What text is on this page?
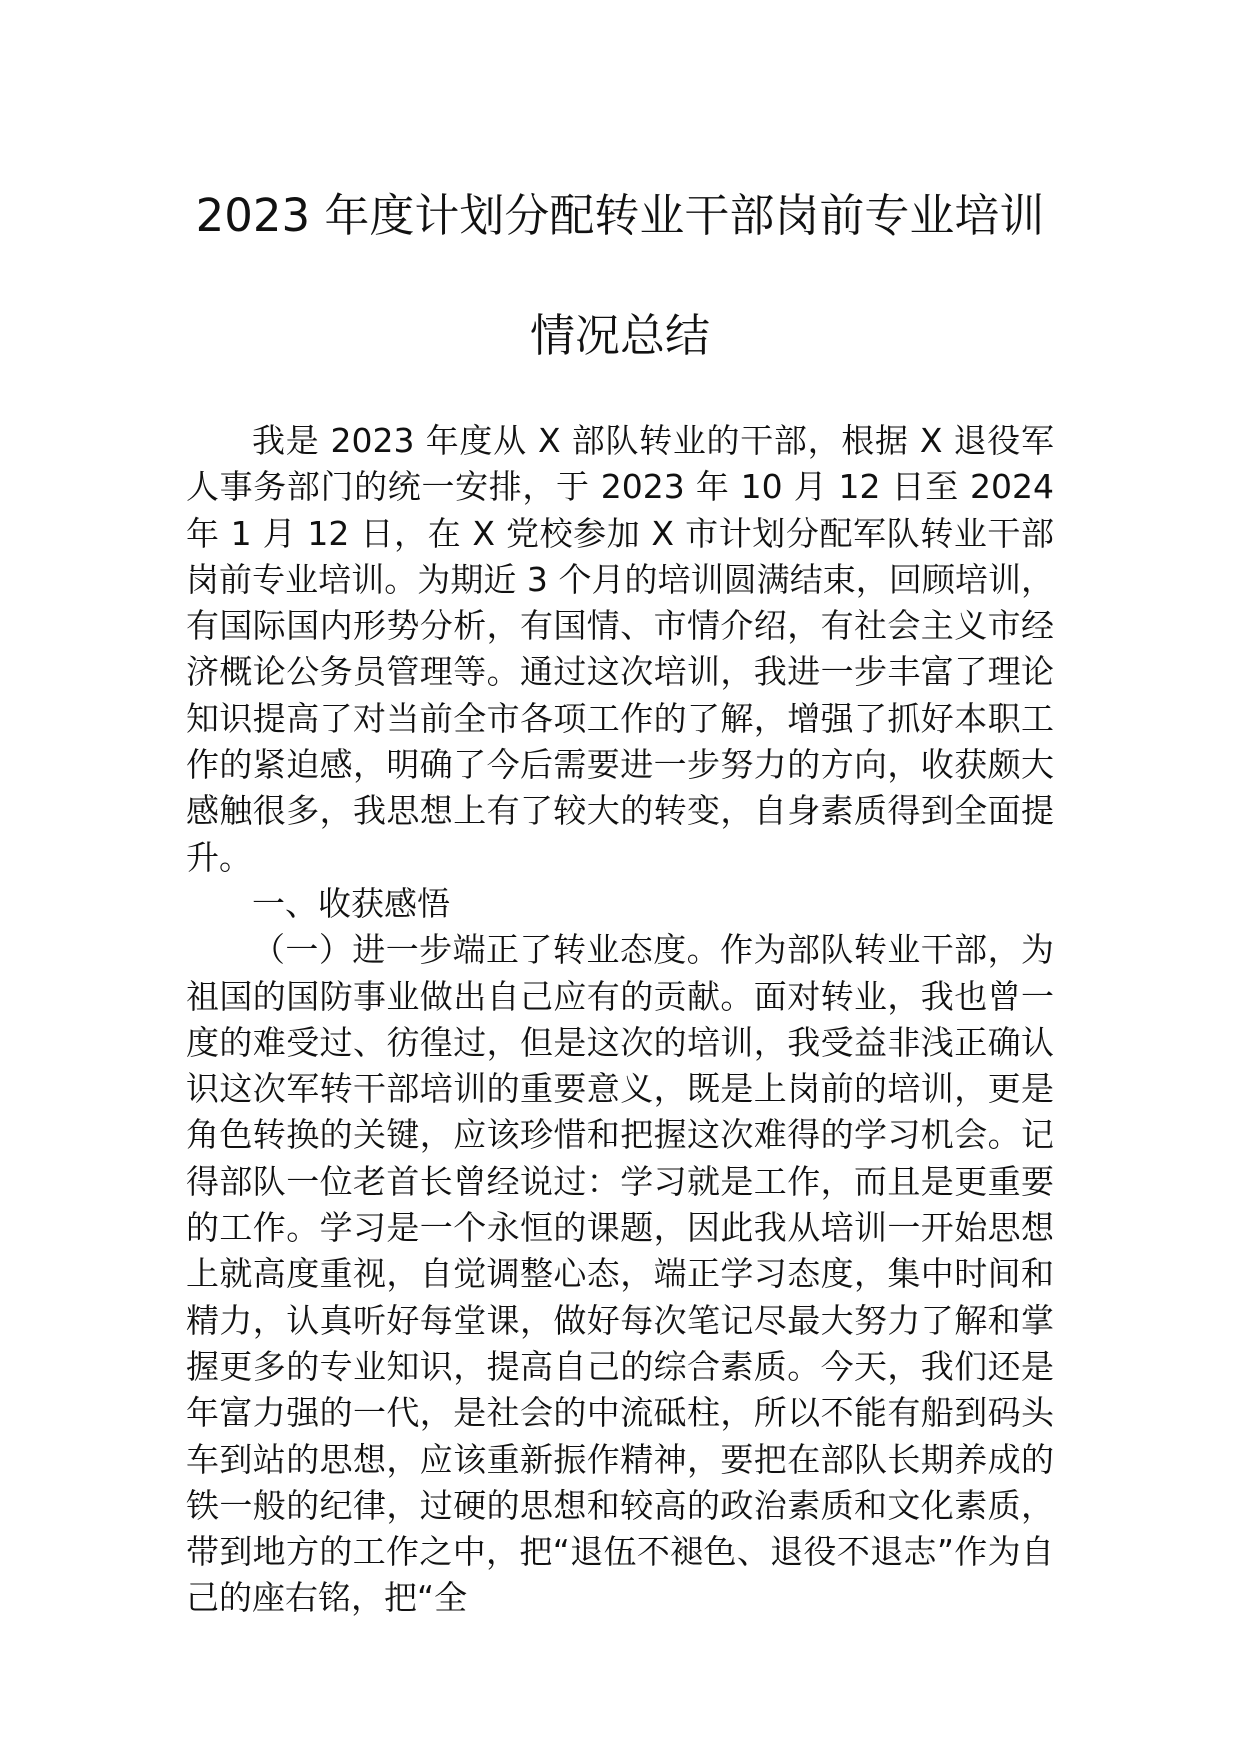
2023 年度计划分配转业干部岗前专业培训
情况总结

我是 2023 年度从 X 部队转业的干部，根据 X 退役军人事务部门的统一安排，于 2023 年 10 月 12 日至 2024 年 1 月 12 日，在 X 党校参加 X 市计划分配军队转业干部岗前专业培训。为期近 3 个月的培训圆满结束，回顾培训，有国际国内形势分析，有国情、市情介绍，有社会主义市经济概论公务员管理等。通过这次培训，我进一步丰富了理论知识提高了对当前全市各项工作的了解，增强了抓好本职工作的紧迫感，明确了今后需要进一步努力的方向，收获颇大感触很多，我思想上有了较大的转变，自身素质得到全面提升。

一、收获感悟

（一）进一步端正了转业态度。作为部队转业干部，为祖国的国防事业做出自己应有的贡献。面对转业，我也曾一度的难受过、彷徨过，但是这次的培训，我受益非浅正确认识这次军转干部培训的重要意义，既是上岗前的培训，更是角色转换的关键，应该珍惜和把握这次难得的学习机会。记得部队一位老首长曾经说过：学习就是工作，而且是更重要的工作。学习是一个永恒的课题，因此我从培训一开始思想上就高度重视，自觉调整心态，端正学习态度，集中时间和精力，认真听好每堂课，做好每次笔记尽最大努力了解和掌握更多的专业知识，提高自己的综合素质。今天，我们还是年富力强的一代，是社会的中流砥柱，所以不能有船到码头车到站的思想，应该重新振作精神，要把在部队长期养成的铁一般的纪律，过硬的思想和较高的政治素质和文化素质，带到地方的工作之中，把“退伍不褪色、退役不退志”作为自己的座右铭，把“全
